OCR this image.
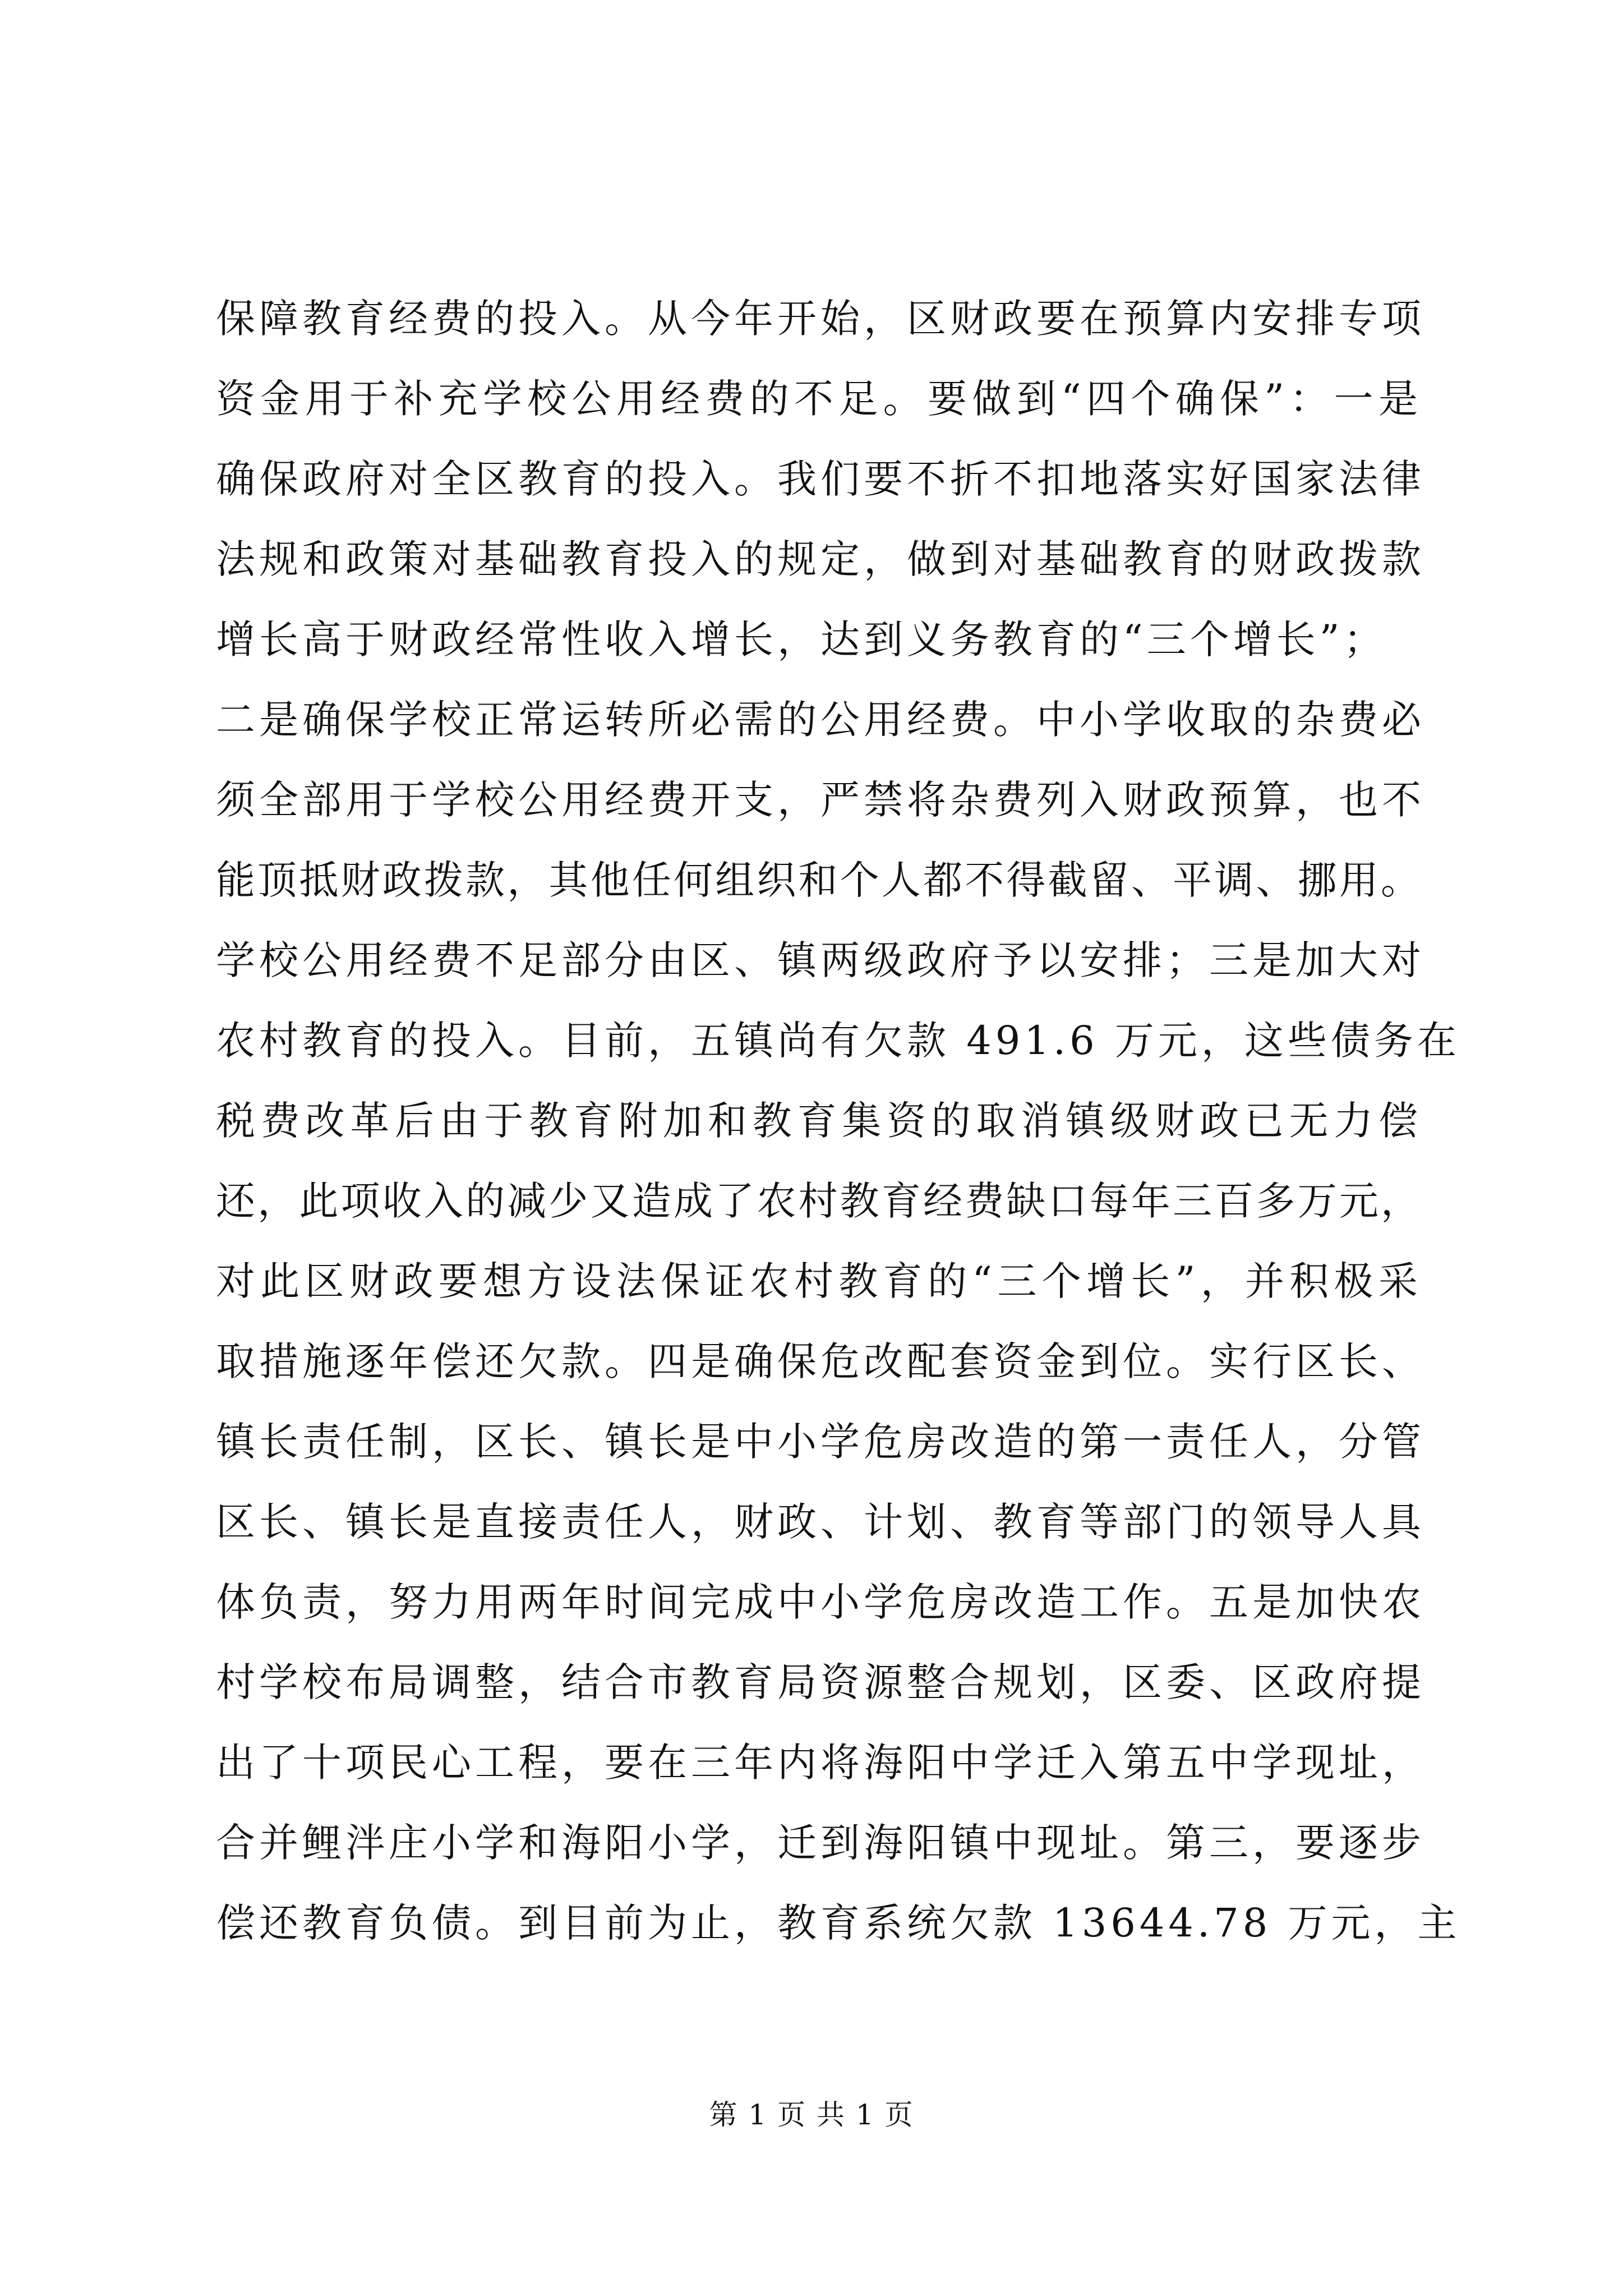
保障教育经费的投入。从今年开始，区财政要在预算内安排专项
资金用于补充学校公用经费的不足。要做到“四个确保”：一是
确保政府对全区教育的投入。我们要不折不扣地落实好国家法律
法规和政策对基础教育投入的规定，做到对基础教育的财政拨款
增长高于财政经常性收入增长，达到义务教育的“三个增长”；
二是确保学校正常运转所必需的公用经费。中小学收取的杂费必
须全部用于学校公用经费开支，严禁将杂费列入财政预算，也不
能顶抵财政拨款，其他任何组织和个人都不得截留、平调、挪用。
学校公用经费不足部分由区、镇两级政府予以安排；三是加大对
农村教育的投入。目前，五镇尚有欠款 491.6 万元，这些债务在
税费改革后由于教育附加和教育集资的取消镇级财政已无力偿
还，此项收入的减少又造成了农村教育经费缺口每年三百多万元，
对此区财政要想方设法保证农村教育的“三个增长”，并积极采
取措施逐年偿还欠款。四是确保危改配套资金到位。实行区长、
镇长责任制，区长、镇长是中小学危房改造的第一责任人，分管
区长、镇长是直接责任人，财政、计划、教育等部门的领导人具
体负责，努力用两年时间完成中小学危房改造工作。五是加快农
村学校布局调整，结合市教育局资源整合规划，区委、区政府提
出了十项民心工程，要在三年内将海阳中学迁入第五中学现址，
合并鲤泮庄小学和海阳小学，迁到海阳镇中现址。第三，要逐步
偿还教育负债。到目前为止，教育系统欠款 13644.78 万元，主
第 1 页 共 1 页
